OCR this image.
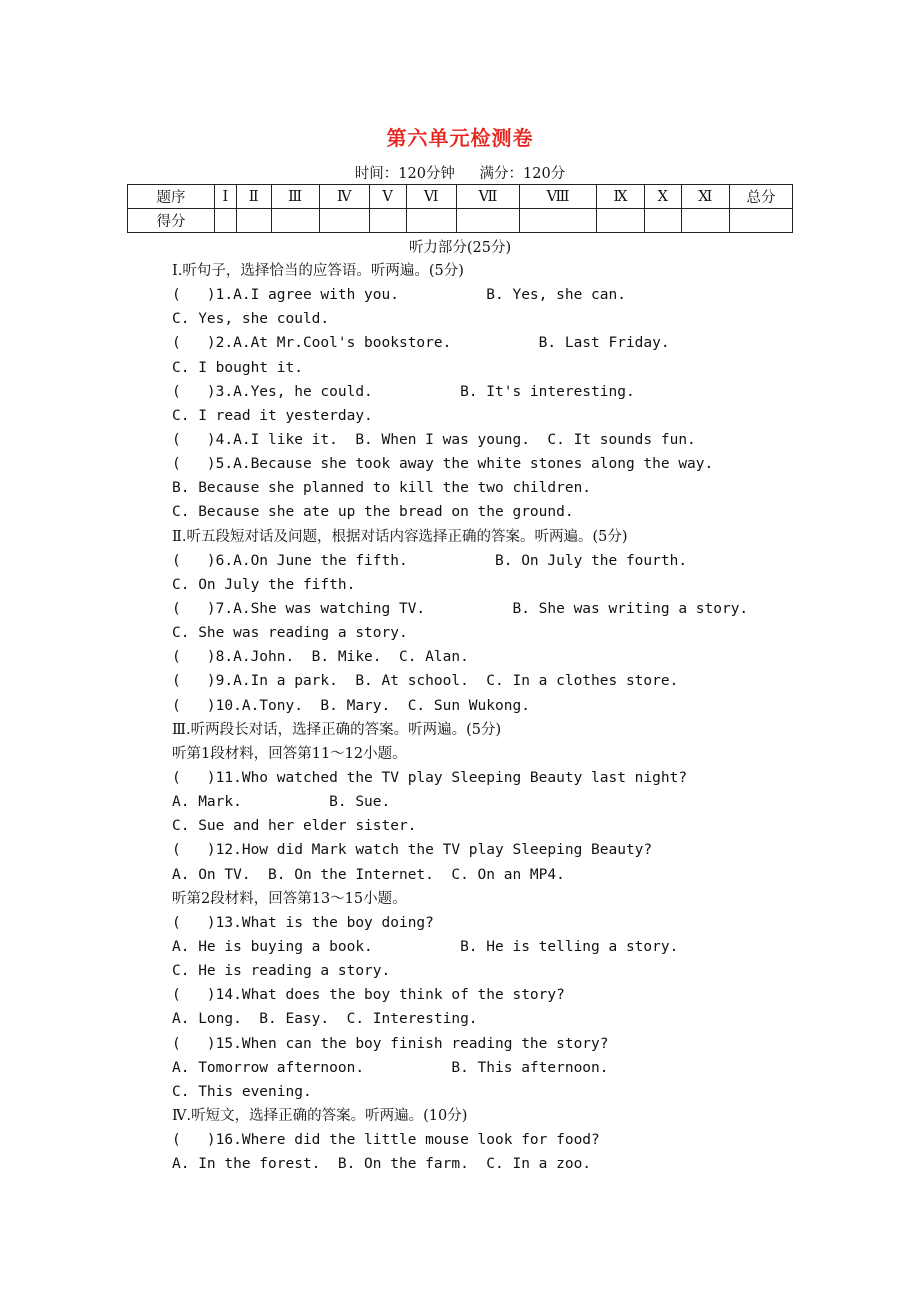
第六单元检测卷
时间：120分钟 满分：120分
题序	Ⅰ	Ⅱ	Ⅲ	Ⅳ	Ⅴ	Ⅵ	Ⅶ	Ⅷ	Ⅸ	Ⅹ	Ⅺ	总分
得分												
听力部分(25分)
Ⅰ.听句子，选择恰当的应答语。听两遍。(5分)
(   )1.A.I agree with you.          B. Yes, she can.
C. Yes, she could.
(   )2.A.At Mr.Cool's bookstore.          B. Last Friday.
C. I bought it.
(   )3.A.Yes, he could.          B. It's interesting.
C. I read it yesterday.
(   )4.A.I like it.  B. When I was young.  C. It sounds fun.
(   )5.A.Because she took away the white stones along the way.
B. Because she planned to kill the two children.
C. Because she ate up the bread on the ground.
Ⅱ.听五段短对话及问题，根据对话内容选择正确的答案。听两遍。(5分)
(   )6.A.On June the fifth.          B. On July the fourth.
C. On July the fifth.
(   )7.A.She was watching TV.          B. She was writing a story.
C. She was reading a story.
(   )8.A.John.  B. Mike.  C. Alan.
(   )9.A.In a park.  B. At school.  C. In a clothes store.
(   )10.A.Tony.  B. Mary.  C. Sun Wukong.
Ⅲ.听两段长对话，选择正确的答案。听两遍。(5分)
听第1段材料，回答第11～12小题。
(   )11.Who watched the TV play Sleeping Beauty last night?
A. Mark.          B. Sue.
C. Sue and her elder sister.
(   )12.How did Mark watch the TV play Sleeping Beauty?
A. On TV.  B. On the Internet.  C. On an MP4.
听第2段材料，回答第13～15小题。
(   )13.What is the boy doing?
A. He is buying a book.          B. He is telling a story.
C. He is reading a story.
(   )14.What does the boy think of the story?
A. Long.  B. Easy.  C. Interesting.
(   )15.When can the boy finish reading the story?
A. Tomorrow afternoon.          B. This afternoon.
C. This evening.
Ⅳ.听短文，选择正确的答案。听两遍。(10分)
(   )16.Where did the little mouse look for food?
A. In the forest.  B. On the farm.  C. In a zoo.
